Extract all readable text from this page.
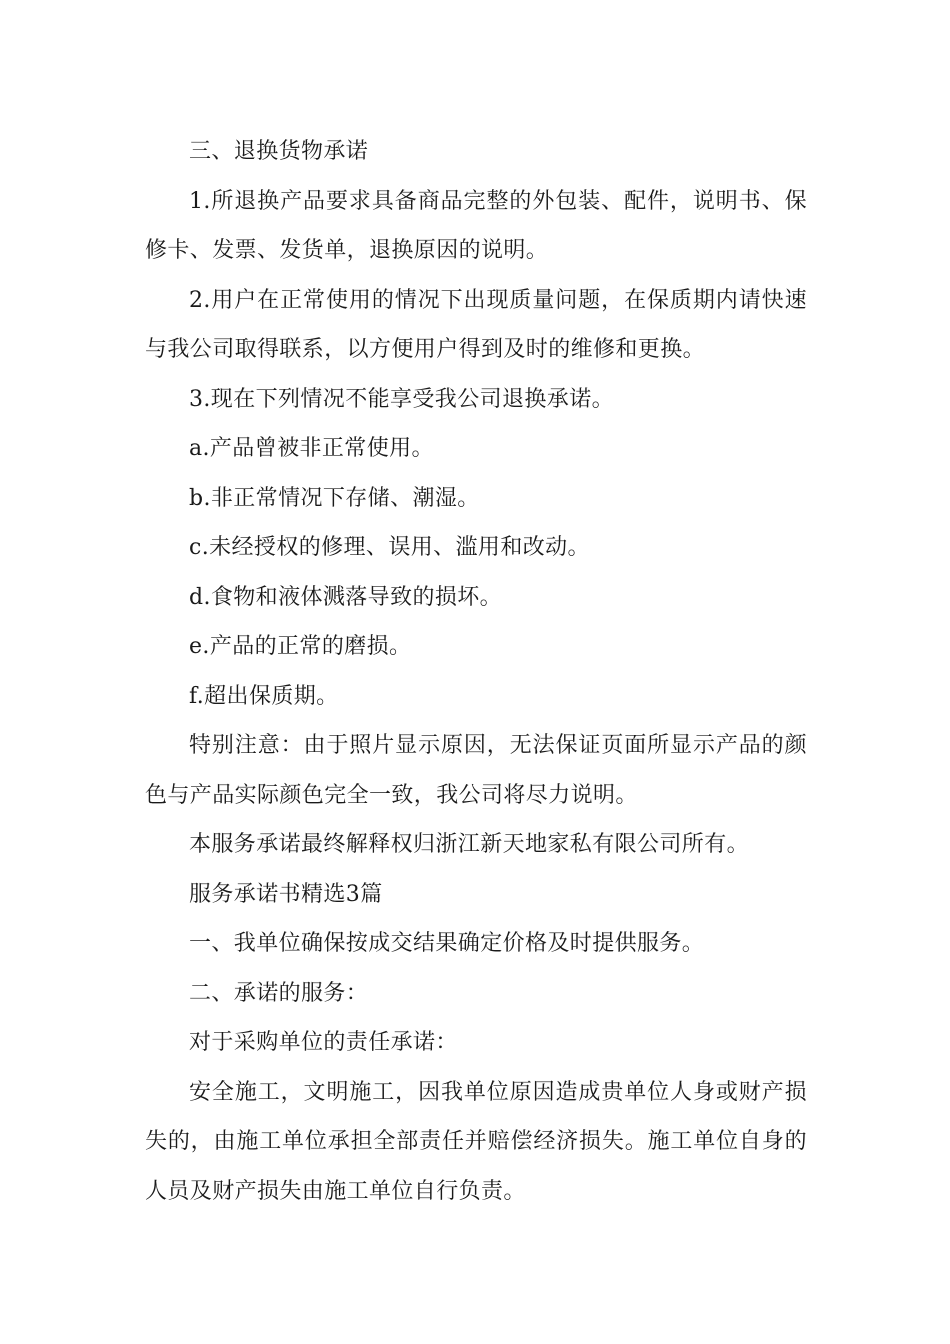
三、退换货物承诺

1.所退换产品要求具备商品完整的外包装、配件，说明书、保修卡、发票、发货单，退换原因的说明。

2.用户在正常使用的情况下出现质量问题，在保质期内请快速与我公司取得联系，以方便用户得到及时的维修和更换。

3.现在下列情况不能享受我公司退换承诺。

a.产品曾被非正常使用。

b.非正常情况下存储、潮湿。

c.未经授权的修理、误用、滥用和改动。

d.食物和液体溅落导致的损坏。

e.产品的正常的磨损。

f.超出保质期。

特别注意：由于照片显示原因，无法保证页面所显示产品的颜色与产品实际颜色完全一致，我公司将尽力说明。

本服务承诺最终解释权归浙江新天地家私有限公司所有。

服务承诺书精选3篇

一、我单位确保按成交结果确定价格及时提供服务。

二、承诺的服务：

对于采购单位的责任承诺：

安全施工，文明施工，因我单位原因造成贵单位人身或财产损失的，由施工单位承担全部责任并赔偿经济损失。施工单位自身的人员及财产损失由施工单位自行负责。
